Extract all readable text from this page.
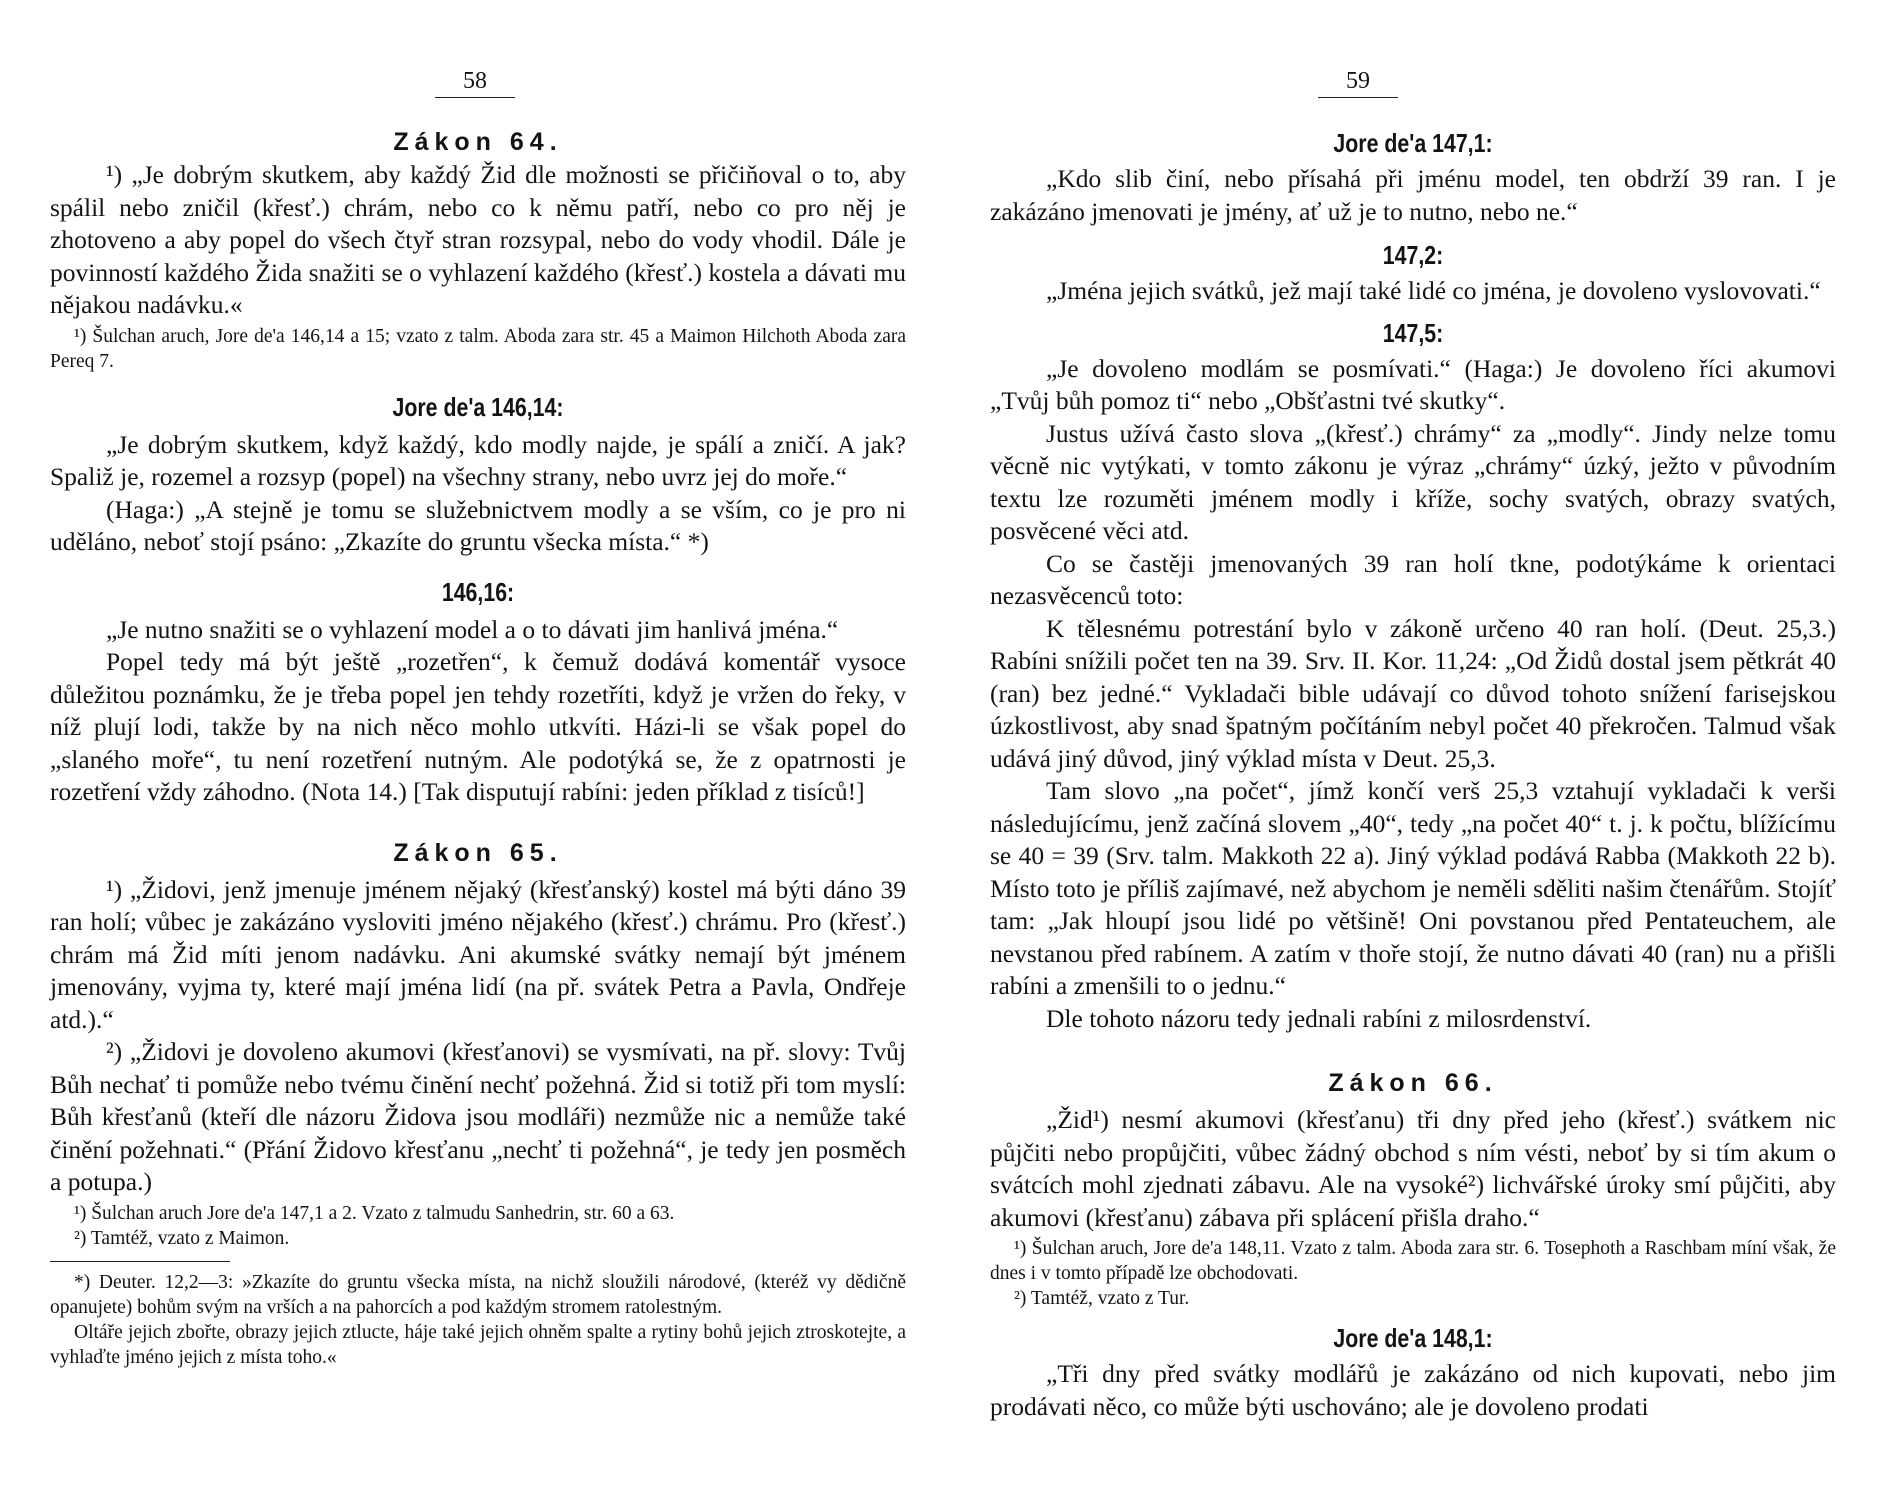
58
Zákon 64.

¹) „Je dobrým skutkem, aby každý Žid dle možnosti se přičiňoval o to, aby spálil nebo zničil (křesť.) chrám, nebo co k němu patří, nebo co pro něj je zhotoveno a aby popel do všech čtyř stran rozsypal, nebo do vody vhodil. Dále je povinností každého Žida snažiti se o vyhlazení každého (křesť.) kostela a dávati mu nějakou nadávku.«

¹) Šulchan aruch, Jore de'a 146,14 a 15; vzato z talm. Aboda zara str. 45 a Maimon Hilchoth Aboda zara Pereq 7.

Jore de'a 146,14:

„Je dobrým skutkem, když každý, kdo modly najde, je spálí a zničí. A jak? Spaliž je, rozemel a rozsyp (popel) na všechny strany, nebo uvrz jej do moře.“

(Haga:) „A stejně je tomu se služebnictvem modly a se vším, co je pro ni uděláno, neboť stojí psáno: „Zkazíte do gruntu všecka místa.“ *)

146,16:

„Je nutno snažiti se o vyhlazení model a o to dávati jim hanlivá jména.“

Popel tedy má být ještě „rozetřen“, k čemuž dodává komentář vysoce důležitou poznámku, že je třeba popel jen tehdy rozetříti, když je vržen do řeky, v níž plují lodi, takže by na nich něco mohlo utkvíti. Házi-li se však popel do „slaného moře“, tu není rozetření nutným. Ale podotýká se, že z opatrnosti je rozetření vždy záhodno. (Nota 14.) [Tak disputují rabíni: jeden příklad z tisíců!]

Zákon 65.

¹) „Židovi, jenž jmenuje jménem nějaký (křesťanský) kostel má býti dáno 39 ran holí; vůbec je zakázáno vysloviti jméno nějakého (křesť.) chrámu. Pro (křesť.) chrám má Žid míti jenom nadávku. Ani akumské svátky nemají být jménem jmenovány, vyjma ty, které mají jména lidí (na př. svátek Petra a Pavla, Ondřeje atd.).“

²) „Židovi je dovoleno akumovi (křesťanovi) se vysmívati, na př. slovy: Tvůj Bůh nechať ti pomůže nebo tvému činění nechť požehná. Žid si totiž při tom myslí: Bůh křesťanů (kteří dle názoru Židova jsou modláři) nezmůže nic a nemůže také činění požehnati.“ (Přání Židovo křesťanu „nechť ti požehná“, je tedy jen posměch a potupa.)

¹) Šulchan aruch Jore de'a 147,1 a 2. Vzato z talmudu Sanhedrin, str. 60 a 63.

²) Tamtéž, vzato z Maimon.

*) Deuter. 12,2—3: »Zkazíte do gruntu všecka místa, na nichž sloužili národové, (kteréž vy dědičně opanujete) bohům svým na vrších a na pahorcích a pod každým stromem ratolestným.

Oltáře jejich zbořte, obrazy jejich ztlucte, háje také jejich ohněm spalte a rytiny bohů jejich ztroskotejte, a vyhlaďte jméno jejich z místa toho.«

59
Jore de'a 147,1:

„Kdo slib činí, nebo přísahá při jménu model, ten obdrží 39 ran. I je zakázáno jmenovati je jmény, ať už je to nutno, nebo ne.“

147,2:

„Jména jejich svátků, jež mají také lidé co jména, je dovoleno vyslovovati.“

147,5:

„Je dovoleno modlám se posmívati.“ (Haga:) Je dovoleno říci akumovi „Tvůj bůh pomoz ti“ nebo „Obšťastni tvé skutky“.

Justus užívá často slova „(křesť.) chrámy“ za „modly“. Jindy nelze tomu věcně nic vytýkati, v tomto zákonu je výraz „chrámy“ úzký, ježto v původním textu lze rozuměti jménem modly i kříže, sochy svatých, obrazy svatých, posvěcené věci atd.

Co se častěji jmenovaných 39 ran holí tkne, podotýkáme k orientaci nezasvěcenců toto:

K tělesnému potrestání bylo v zákoně určeno 40 ran holí. (Deut. 25,3.) Rabíni snížili počet ten na 39. Srv. II. Kor. 11,24: „Od Židů dostal jsem pětkrát 40 (ran) bez jedné.“ Vykladači bible udávají co důvod tohoto snížení farisejskou úzkostlivost, aby snad špatným počítáním nebyl počet 40 překročen. Talmud však udává jiný důvod, jiný výklad místa v Deut. 25,3.

Tam slovo „na počet“, jímž končí verš 25,3 vztahují vykladači k verši následujícímu, jenž začíná slovem „40“, tedy „na počet 40“ t. j. k počtu, blížícímu se 40 = 39 (Srv. talm. Makkoth 22 a). Jiný výklad podává Rabba (Makkoth 22 b). Místo toto je příliš zajímavé, než abychom je neměli sděliti našim čtenářům. Stojíť tam: „Jak hloupí jsou lidé po většině! Oni povstanou před Pentateuchem, ale nevstanou před rabínem. A zatím v thoře stojí, že nutno dávati 40 (ran) nu a přišli rabíni a zmenšili to o jednu.“

Dle tohoto názoru tedy jednali rabíni z milosrdenství.

Zákon 66.

„Žid¹) nesmí akumovi (křesťanu) tři dny před jeho (křesť.) svátkem nic půjčiti nebo propůjčiti, vůbec žádný obchod s ním vésti, neboť by si tím akum o svátcích mohl zjednati zábavu. Ale na vysoké²) lichvářské úroky smí půjčiti, aby akumovi (křesťanu) zábava při splácení přišla draho.“

¹) Šulchan aruch, Jore de'a 148,11. Vzato z talm. Aboda zara str. 6. Tosephoth a Raschbam míní však, že dnes i v tomto případě lze obchodovati.

²) Tamtéž, vzato z Tur.

Jore de'a 148,1:

„Tři dny před svátky modlářů je zakázáno od nich kupovati, nebo jim prodávati něco, co může býti uschováno; ale je dovoleno prodati
